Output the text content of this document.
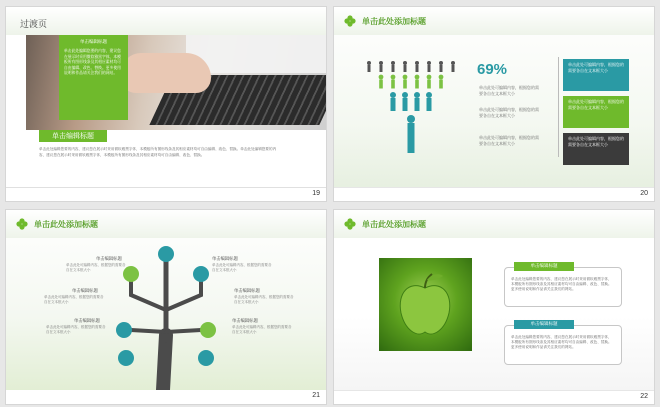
过渡页
单击编辑标题
单击此处编辑您要的内容，建议您在展示时采用微软雅黑字体，本模板所有图形线条及其相应素材均可自由编辑、改色、替换。更多使用说明和作品请关注我们的网站。
单击编辑标题
单击此处编辑您要的内容，建议您在展示时采用微软雅黑字体，本模板所有图形线条及其相应素材均可自由编辑、改色、替换。单击此处编辑您要的内容，建议您在展示时采用微软雅黑字体，本模板所有图形线条及其相应素材均可自由编辑、改色、替换。
19
单击此处添加标题
69%
单击此处可编辑内容，根据您的需要各自在文本框大小
单击此处可编辑内容，根据您的需要各自在文本框大小
单击此处可编辑内容，根据您的需要各自在文本框大小
单击此处可编辑内容，根据您的需要各自在文本框大小
单击此处可编辑内容，根据您的需要各自在文本框大小
单击此处可编辑内容，根据您的需要各自在文本框大小
20
单击此处添加标题
单击编辑标题
单击此处可编辑内容，根据您的需要各自在文本框大小
单击编辑标题
单击此处可编辑内容，根据您的需要各自在文本框大小
单击编辑标题
单击此处可编辑内容，根据您的需要各自在文本框大小
单击编辑标题
单击此处可编辑内容，根据您的需要各自在文本框大小
单击编辑标题
单击此处可编辑内容，根据您的需要各自在文本框大小
单击编辑标题
单击此处可编辑内容，根据您的需要各自在文本框大小
21
单击此处添加标题
单击此处编辑您要的内容，建议您在展示时采用微软雅黑字体，本模板所有图形线条及其相应素材均可自由编辑、改色、替换。更多使用说明和作品请关注我们的网站。
单击编辑标题
单击此处编辑您要的内容，建议您在展示时采用微软雅黑字体，本模板所有图形线条及其相应素材均可自由编辑、改色、替换。更多使用说明和作品请关注我们的网站。
单击编辑标题
22
